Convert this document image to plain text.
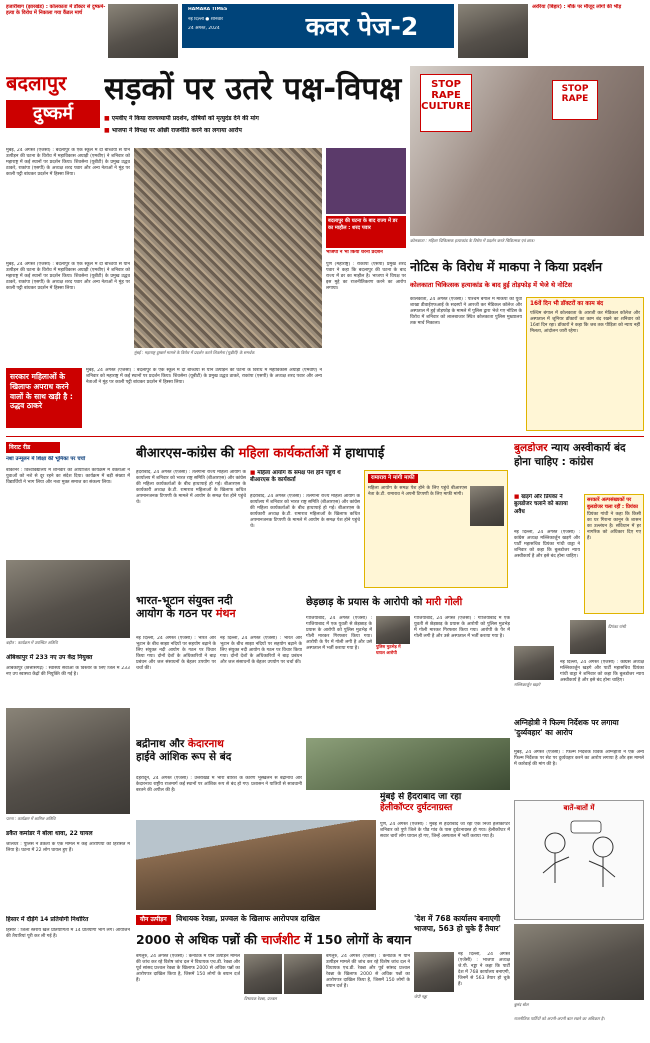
हजारीबाग (झारखंड) : कोलकाता में डॉक्टर से दुष्कर्म-हत्या के विरोध में निकाला गया कैंडल मार्च
HAMARA TIMES
नई दिल्ली ● शनिवार
24 अगस्त, 2024	कवर पेज-2
अररिया (बिहार) : मौके पर मौजूद लोगों की भीड़
बदलापुर
दुष्कर्म
सड़कों पर उतरे पक्ष-विपक्ष
■ एमवीए ने किया राज्यव्यापी प्रदर्शन, दोषियों को मृत्युदंड देने की मांग
■ भाजपा ने विपक्ष पर ओछी राजनीति करने का लगाया आरोप
मुंबई, 24 अगस्त (एजेंसी) : बदलापुर के एक स्कूल में दो बच्चियों से यौन उत्पीड़न की घटना के विरोध में महाविकास अघाड़ी (एमवीए) ने शनिवार को महाराष्ट्र में कई स्थानों पर प्रदर्शन किया। शिवसेना (यूबीटी) के प्रमुख उद्धव ठाकरे, राकांपा (एसपी) के अध्यक्ष शरद पवार और अन्य नेताओं ने मुंह पर काली पट्टी बांधकर प्रदर्शन में हिस्सा लिया।
मुंबई, 24 अगस्त (एजेंसी) : बदलापुर के एक स्कूल में दो बच्चियों से यौन उत्पीड़न की घटना के विरोध में महाविकास अघाड़ी (एमवीए) ने शनिवार को महाराष्ट्र में कई स्थानों पर प्रदर्शन किया। शिवसेना (यूबीटी) के प्रमुख उद्धव ठाकरे, राकांपा (एसपी) के अध्यक्ष शरद पवार और अन्य नेताओं ने मुंह पर काली पट्टी बांधकर प्रदर्शन में हिस्सा लिया।
मुंबई : महाराष्ट्र दुष्कर्म मामले के विरोध में प्रदर्शन करते शिवसेना (यूबीटी) के समर्थक
बदलापुर की घटना के बाद राज्य में डर का माहौल : शरद पवार
भाजपा ने भी किया धरना प्रदर्शन
पुणे (महाराष्ट्र) : राकांपा (एसपी) प्रमुख शरद पवार ने कहा कि बदलापुर की घटना के बाद राज्य में डर का माहौल है। भाजपा ने विपक्ष पर इस मुद्दे का राजनीतिकरण करने का आरोप लगाया।
सरकार महिलाओं के खिलाफ अपराध करने वालों के साथ खड़ी है : उद्धव ठाकरे
मुंबई, 24 अगस्त (एजेंसी) : बदलापुर के एक स्कूल में दो बच्चियों से यौन उत्पीड़न की घटना के विरोध में महाविकास अघाड़ी (एमवीए) ने शनिवार को महाराष्ट्र में कई स्थानों पर प्रदर्शन किया। शिवसेना (यूबीटी) के प्रमुख उद्धव ठाकरे, राकांपा (एसपी) के अध्यक्ष शरद पवार और अन्य नेताओं ने मुंह पर काली पट्टी बांधकर प्रदर्शन में हिस्सा लिया।
STOP RAPE CULTURE
STOP RAPE
कोलकाता : महिला चिकित्सक हत्याकांड के विरोध में प्रदर्शन करते चिकित्सक एवं छात्र।
नोटिस के विरोध में माकपा ने किया प्रदर्शन
कोलकाता चिकित्सक हत्याकांड के बाद हुई तोड़फोड़ में भेजे थे नोटिस
कोलकाता, 24 अगस्त (एजेंसी) : पश्चिम बंगाल में माकपा की युवा शाखा डीवाईएफआई के सदस्यों ने आरजी कर मेडिकल कॉलेज और अस्पताल में हुई तोड़फोड़ के मामले में पुलिस द्वारा भेजे गए नोटिस के विरोध में शनिवार को लालबाजार स्थित कोलकाता पुलिस मुख्यालय तक मार्च निकाला।
16वें दिन भी डॉक्टरों का काम बंद
पश्चिम बंगाल में कोलकाता के आरजी कर मेडिकल कॉलेज और अस्पताल में जूनियर डॉक्टरों का काम बंद रखने का शनिवार को 16वां दिन रहा। डॉक्टरों ने कहा कि जब तक पीड़िता को न्याय नहीं मिलता, आंदोलन जारी रहेगा।
विराट रीड
नशा उन्मूलन में शिक्षा की भूमिका पर चर्चा
बीकानेर : विश्वविद्यालय में शनिवार को आयोजित कार्यक्रम में वक्ताओं ने युवाओं को नशे से दूर रहने का संदेश दिया। कार्यक्रम में बड़ी संख्या में विद्यार्थियों ने भाग लिया और नशा मुक्त समाज का संकल्प लिया।
बड़ौत : कार्यक्रम में उपस्थित अतिथि
अंबिकापुर में 233 नए उप केंद्र नियुक्त
अंबिकापुर (छत्तीसगढ़) : स्वास्थ्य सेवाओं के विस्तार के लिए जिले में 233 नए उप स्वास्थ्य केंद्रों की नियुक्ति की गई है।
पटना : कार्यक्रम में शामिल अतिथि
डकैत कमांडर ने बोला धावा, 22 घायल
जालंधर : पुलिस ने डकैती के एक मामले में कई आरोपियों को हिरासत में लिया है। घटना में 22 लोग घायल हुए हैं।
हिसार में दौड़ेंगे 14 प्रतियोगी निर्धारित
हिसार : जिला स्तरीय खेल प्रतियोगिता में 14 प्रतियोगी भाग लेंगे। आयोजन की तैयारियां पूरी कर ली गई हैं।
बीआरएस-कांग्रेस की महिला कार्यकर्ताओं में हाथापाई
हैदराबाद, 24 अगस्त (एजेंसी) : तेलंगाना राज्य महिला आयोग के कार्यालय में शनिवार को भारत राष्ट्र समिति (बीआरएस) और कांग्रेस की महिला कार्यकर्ताओं के बीच हाथापाई हो गई। बीआरएस के कार्यकारी अध्यक्ष के.टी. रामाराव महिलाओं के खिलाफ कथित अपमानजनक टिप्पणी के मामले में आयोग के समक्ष पेश होने पहुंचे थे।
■ महिला आयोग के समक्ष पेश होने पहुंचे थे बीआरएस के कार्यकर्ता
हैदराबाद, 24 अगस्त (एजेंसी) : तेलंगाना राज्य महिला आयोग के कार्यालय में शनिवार को भारत राष्ट्र समिति (बीआरएस) और कांग्रेस की महिला कार्यकर्ताओं के बीच हाथापाई हो गई। बीआरएस के कार्यकारी अध्यक्ष के.टी. रामाराव महिलाओं के खिलाफ कथित अपमानजनक टिप्पणी के मामले में आयोग के समक्ष पेश होने पहुंचे थे।
रामाराव ने मांगी माफी
महिला आयोग के समक्ष पेश होने के लिए पहुंचे बीआरएस नेता के.टी. रामाराव ने अपनी टिप्पणी के लिए माफी मांगी।
भारत-भूटान संयुक्त नदी
आयोग के गठन पर मंथन
नई दिल्ली, 24 अगस्त (एजेंसी) : भारत और भूटान के बीच साझा नदियों पर सहयोग बढ़ाने के लिए संयुक्त नदी आयोग के गठन पर विचार किया गया। दोनों देशों के अधिकारियों ने बाढ़ प्रबंधन और जल संसाधनों के बेहतर उपयोग पर चर्चा की।
नई दिल्ली, 24 अगस्त (एजेंसी) : भारत और भूटान के बीच साझा नदियों पर सहयोग बढ़ाने के लिए संयुक्त नदी आयोग के गठन पर विचार किया गया। दोनों देशों के अधिकारियों ने बाढ़ प्रबंधन और जल संसाधनों के बेहतर उपयोग पर चर्चा की।
छेड़छाड़ के प्रयास के आरोपी को मारी गोली
गाजियाबाद, 24 अगस्त (एजेंसी) : गाजियाबाद में एक युवती से छेड़छाड़ के प्रयास के आरोपी को पुलिस मुठभेड़ में गोली मारकर गिरफ्तार किया गया। आरोपी के पैर में गोली लगी है और उसे अस्पताल में भर्ती कराया गया है।	पुलिस मुठभेड़ में घायल आरोपी
गाजियाबाद, 24 अगस्त (एजेंसी) : गाजियाबाद में एक युवती से छेड़छाड़ के प्रयास के आरोपी को पुलिस मुठभेड़ में गोली मारकर गिरफ्तार किया गया। आरोपी के पैर में गोली लगी है और उसे अस्पताल में भर्ती कराया गया है।
बद्रीनाथ और केदारनाथ
हाईवे आंशिक रूप से बंद
देहरादून, 24 अगस्त (एजेंसी) : उत्तराखंड में भारी बारिश के कारण भूस्खलन से बद्रीनाथ और केदारनाथ राष्ट्रीय राजमार्ग कई स्थानों पर आंशिक रूप से बंद हो गए। प्रशासन ने यात्रियों से सावधानी बरतने की अपील की है।
मुंबई से हैदराबाद जा रहा
हेलीकॉप्टर दुर्घटनाग्रस्त
पुणे, 24 अगस्त (एजेंसी) : मुंबई से हैदराबाद जा रहा एक निजी हेलीकॉप्टर शनिवार को पुणे जिले के पौड गांव के पास दुर्घटनाग्रस्त हो गया। हेलीकॉप्टर में सवार चारों लोग घायल हो गए, जिन्हें अस्पताल में भर्ती कराया गया है।
यौन उत्पीड़न विधायक रेवन्ना, प्रज्वल के खिलाफ आरोपपत्र दाखिल
2000 से अधिक पन्नों की चार्जशीट में 150 लोगों के बयान
बेंगलुरु, 24 अगस्त (एजेंसी) : कर्नाटक में यौन उत्पीड़न मामले की जांच कर रहे विशेष जांच दल ने विधायक एच.डी. रेवन्ना और पूर्व सांसद प्रज्वल रेवन्ना के खिलाफ 2000 से अधिक पन्नों का आरोपपत्र दाखिल किया है, जिसमें 150 लोगों के बयान दर्ज हैं।
विधायक रेवन्ना, प्रज्वल
बेंगलुरु, 24 अगस्त (एजेंसी) : कर्नाटक में यौन उत्पीड़न मामले की जांच कर रहे विशेष जांच दल ने विधायक एच.डी. रेवन्ना और पूर्व सांसद प्रज्वल रेवन्ना के खिलाफ 2000 से अधिक पन्नों का आरोपपत्र दाखिल किया है, जिसमें 150 लोगों के बयान दर्ज हैं।
बुलडोजर न्याय अस्वीकार्य बंद होना चाहिए : कांग्रेस
■ खड़गे और प्रियंका ने बुलडोजर चलाने को बताया अवैध
नई दिल्ली, 24 अगस्त (एजेंसी) : कांग्रेस अध्यक्ष मल्लिकार्जुन खड़गे और पार्टी महासचिव प्रियंका गांधी वाड्रा ने शनिवार को कहा कि बुलडोजर न्याय अस्वीकार्य है और इसे बंद होना चाहिए।
सरकारें अल्पसंख्यकों पर बुलडोजर चला रहीं : प्रियंका
प्रियंका गांधी ने कहा कि किसी का घर गिराना कानून के शासन का उल्लंघन है। संविधान में हर नागरिक को अधिकार दिए गए हैं।
मल्लिकार्जुन खड़गे
प्रियंका गांधी
नई दिल्ली, 24 अगस्त (एजेंसी) : कांग्रेस अध्यक्ष मल्लिकार्जुन खड़गे और पार्टी महासचिव प्रियंका गांधी वाड्रा ने शनिवार को कहा कि बुलडोजर न्याय अस्वीकार्य है और इसे बंद होना चाहिए।
अग्निहोत्री ने फिल्म निर्देशक पर लगाया 'दुर्व्यवहार' का आरोप
मुंबई, 24 अगस्त (एजेंसी) : फिल्म निर्देशक विवेक अग्निहोत्री ने एक अन्य फिल्म निर्देशक पर सेट पर दुर्व्यवहार करने का आरोप लगाया है और इस मामले में कार्रवाई की मांग की है।
बातें-बातों में
बुलंद बोल
राजनीतिक पार्टियों को अपनी-अपनी बात रखने का अधिकार है।
'देश में 768 कार्यालय बनाएगी भाजपा, 563 हो चुके हैं तैयार'
जेपी नड्डा
नई दिल्ली, 24 अगस्त (एजेंसी) : भाजपा अध्यक्ष जे.पी. नड्डा ने कहा कि पार्टी देश में 768 कार्यालय बनाएगी, जिनमें से 563 तैयार हो चुके हैं।
